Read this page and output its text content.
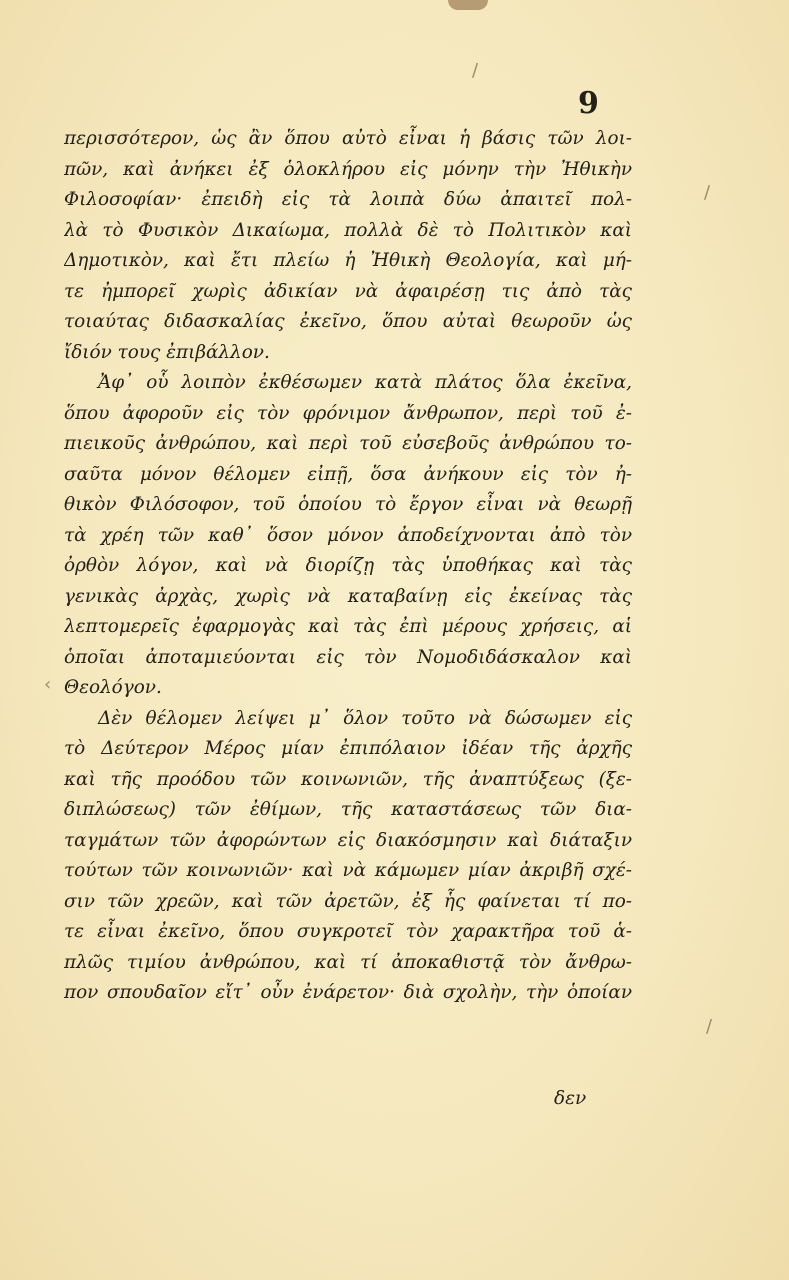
9
/
/
/
‹
περισσότερον, ὡς ἂν ὅπου αὐτὸ εἶναι ἡ βάσις τῶν λοι-
πῶν, καὶ ἀνήκει ἐξ ὁλοκλήρου εἰς μόνην τὴν Ἠθικὴν
Φιλοσοφίαν· ἐπειδὴ εἰς τὰ λοιπὰ δύω ἀπαιτεῖ πολ-
λὰ τὸ Φυσικὸν Δικαίωμα, πολλὰ δὲ τὸ Πολιτικὸν καὶ
Δημοτικὸν, καὶ ἔτι πλείω ἡ Ἠθικὴ Θεολογία, καὶ μή-
τε ἠμπορεῖ χωρὶς ἀδικίαν νὰ ἀφαιρέσῃ τις ἀπὸ τὰς
τοιαύτας διδασκαλίας ἐκεῖνο, ὅπου αὐταὶ θεωροῦν ὡς
ἴδιόν τους ἐπιβάλλον.
Ἀφ᾽ οὗ λοιπὸν ἐκθέσωμεν κατὰ πλάτος ὅλα ἐκεῖνα,
ὅπου ἀφοροῦν εἰς τὸν φρόνιμον ἄνθρωπον, περὶ τοῦ ἐ-
πιεικοῦς ἀνθρώπου, καὶ περὶ τοῦ εὐσεβοῦς ἀνθρώπου το-
σαῦτα μόνον θέλομεν εἰπῇ, ὅσα ἀνήκουν εἰς τὸν ἠ-
θικὸν Φιλόσοφον, τοῦ ὁποίου τὸ ἔργον εἶναι νὰ θεωρῇ
τὰ χρέη τῶν καθ᾽ ὅσον μόνον ἀποδείχνονται ἀπὸ τὸν
ὀρθὸν λόγον, καὶ νὰ διορίζῃ τὰς ὑποθήκας καὶ τὰς
γενικὰς ἀρχὰς, χωρὶς νὰ καταβαίνῃ εἰς ἐκείνας τὰς
λεπτομερεῖς ἐφαρμογὰς καὶ τὰς ἐπὶ μέρους χρήσεις, αἱ
ὁποῖαι ἀποταμιεύονται εἰς τὸν Νομοδιδάσκαλον καὶ
Θεολόγον.
Δὲν θέλομεν λείψει μ᾽ ὅλον τοῦτο νὰ δώσωμεν εἰς
τὸ Δεύτερον Μέρος μίαν ἐπιπόλαιον ἰδέαν τῆς ἀρχῆς
καὶ τῆς προόδου τῶν κοινωνιῶν, τῆς ἀναπτύξεως (ξε-
διπλώσεως) τῶν ἐθίμων, τῆς καταστάσεως τῶν δια-
ταγμάτων τῶν ἀφορώντων εἰς διακόσμησιν καὶ διάταξιν
τούτων τῶν κοινωνιῶν· καὶ νὰ κάμωμεν μίαν ἀκριβῆ σχέ-
σιν τῶν χρεῶν, καὶ τῶν ἀρετῶν, ἐξ ἧς φαίνεται τί πο-
τε εἶναι ἐκεῖνο, ὅπου συγκροτεῖ τὸν χαρακτῆρα τοῦ ἁ-
πλῶς τιμίου ἀνθρώπου, καὶ τί ἀποκαθιστᾷ τὸν ἄνθρω-
πον σπουδαῖον εἴτ᾽ οὖν ἐνάρετον· διὰ σχολὴν, τὴν ὁποίαν
δεν
